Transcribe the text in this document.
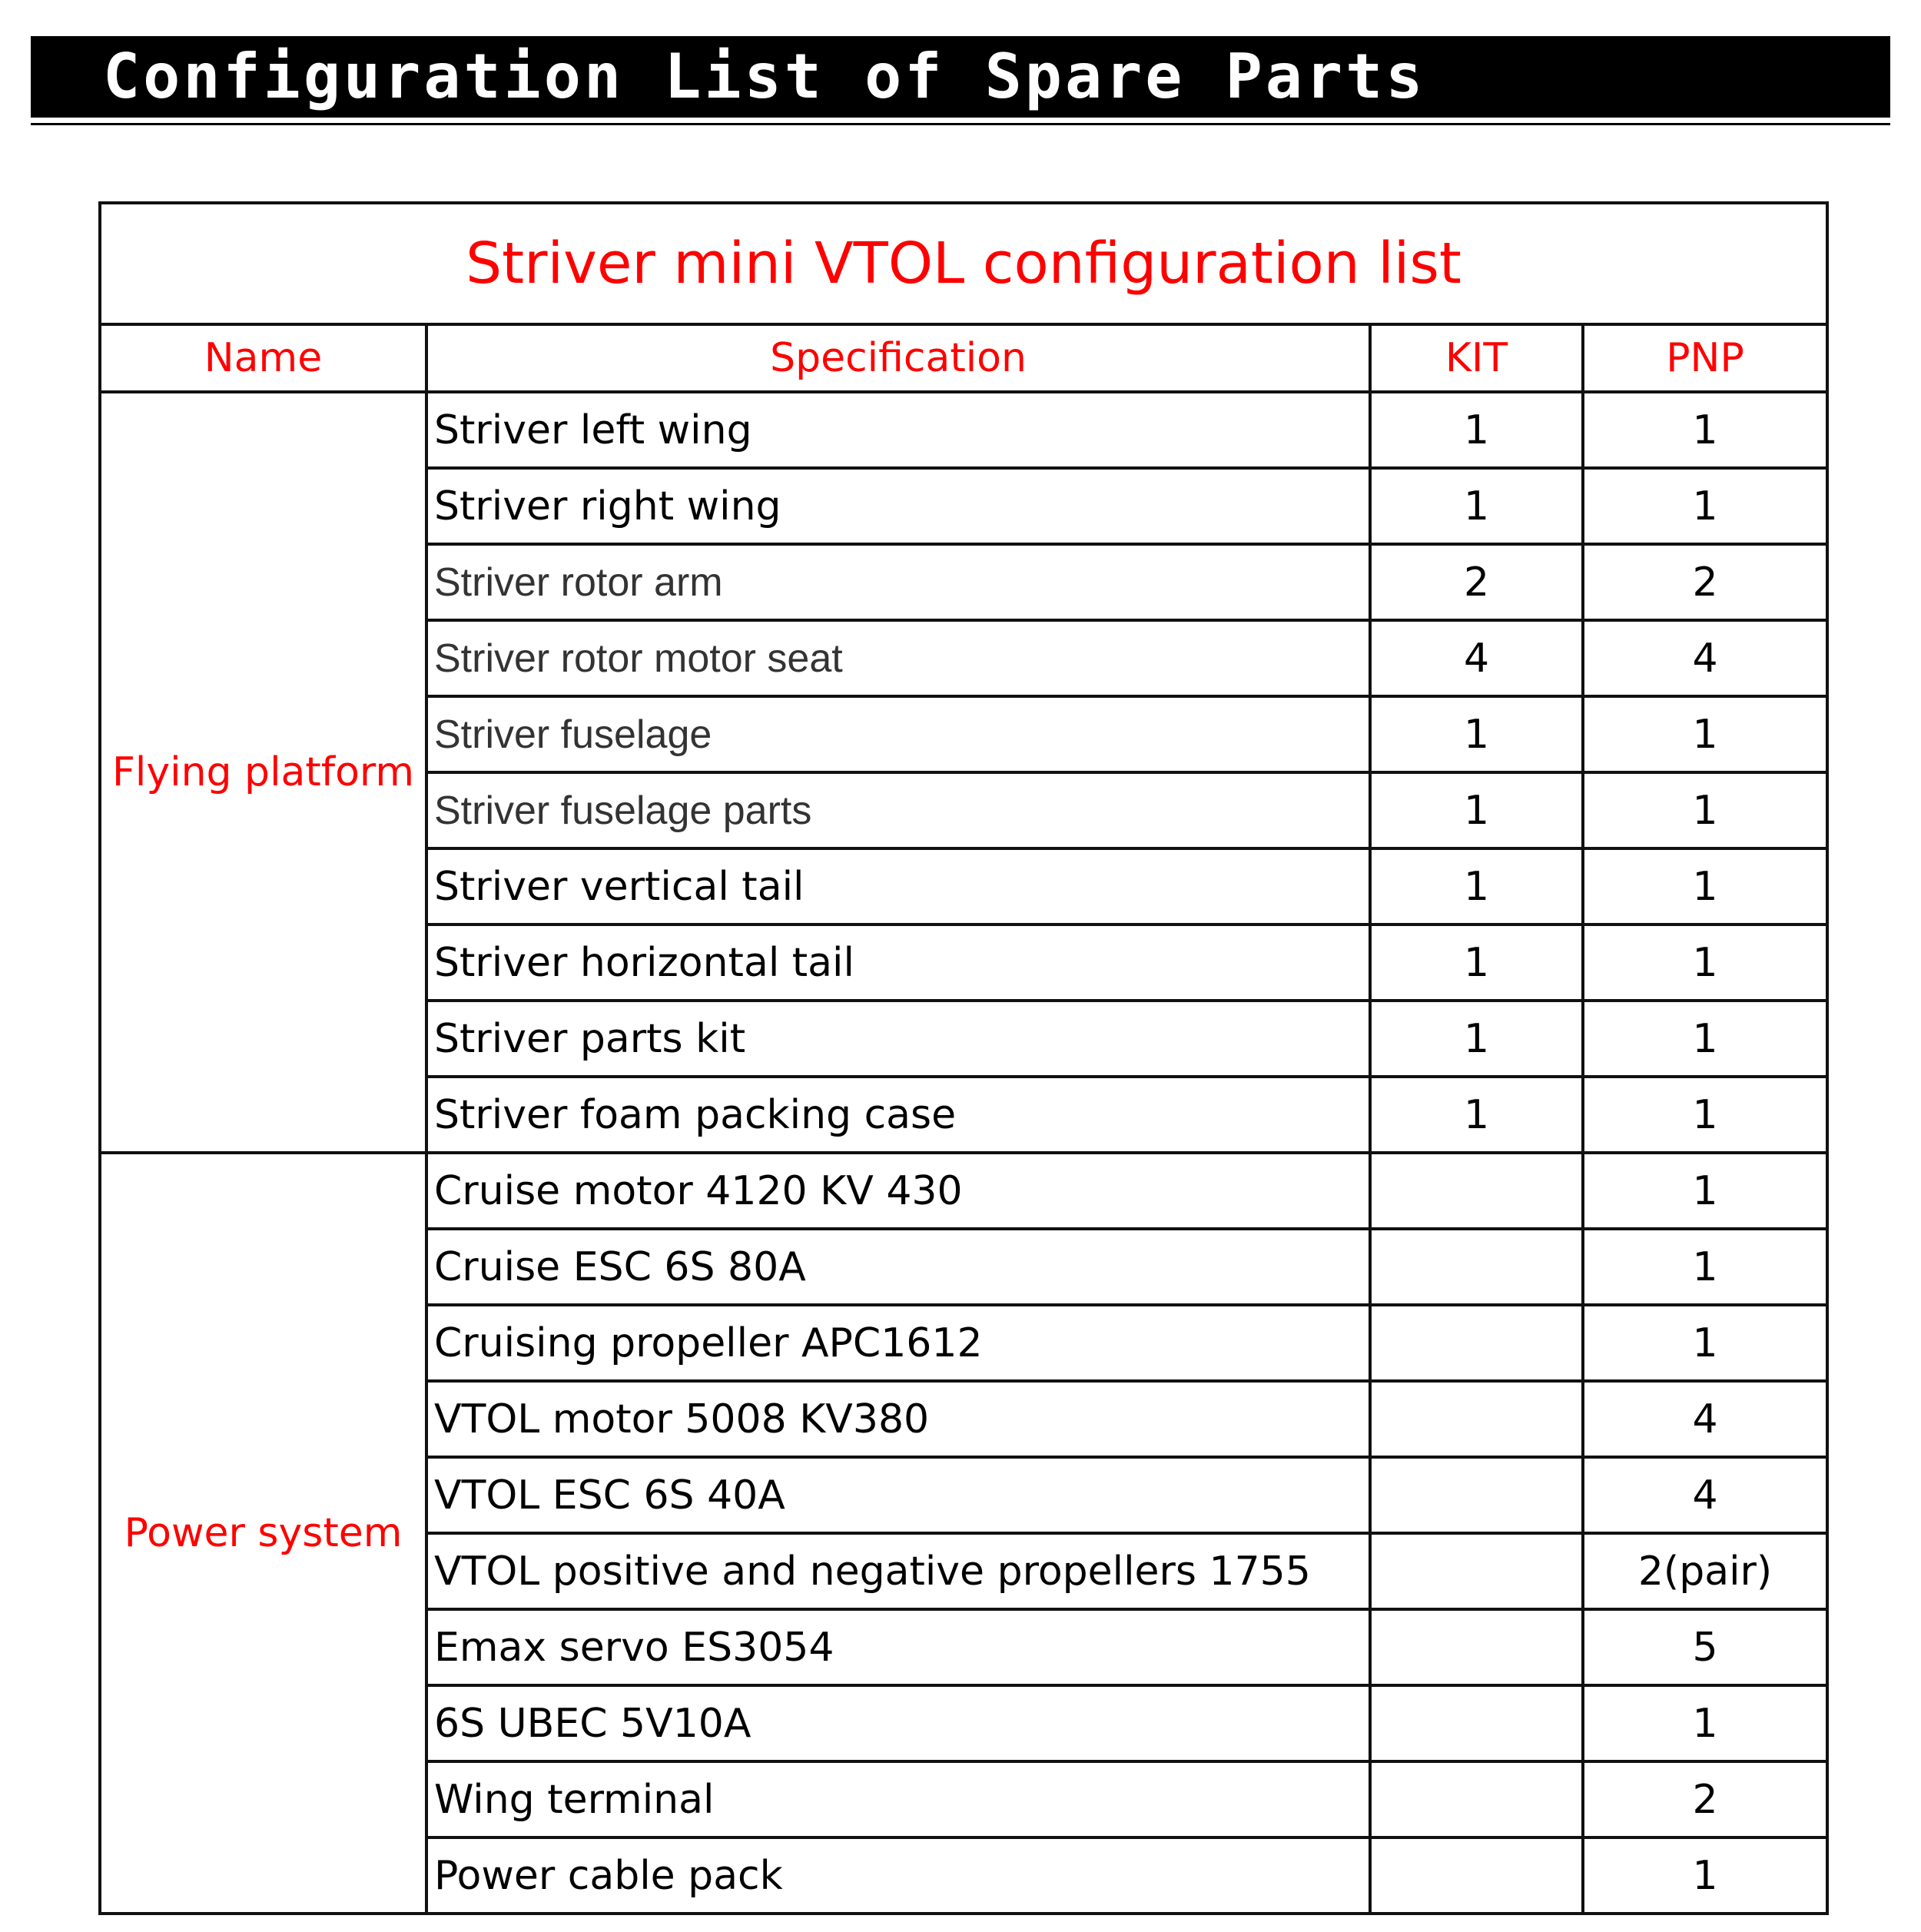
Configuration List of Spare Parts
Striver mini VTOL configuration list			
Name	Specification	KIT	PNP
Flying platform	Striver left wing	1	1
	Striver right wing	1	1
	Striver rotor arm	2	2
	Striver rotor motor seat	4	4
	Striver fuselage	1	1
	Striver fuselage parts	1	1
	Striver vertical tail	1	1
	Striver horizontal tail	1	1
	Striver parts kit	1	1
	Striver foam packing case	1	1
Power system	Cruise motor 4120 KV 430		1
	Cruise ESC 6S 80A		1
	Cruising propeller APC1612		1
	VTOL motor 5008 KV380		4
	VTOL ESC 6S 40A		4
	VTOL positive and negative propellers 1755		2(pair)
	Emax servo ES3054		5
	6S UBEC 5V10A		1
	Wing terminal		2
	Power cable pack		1
